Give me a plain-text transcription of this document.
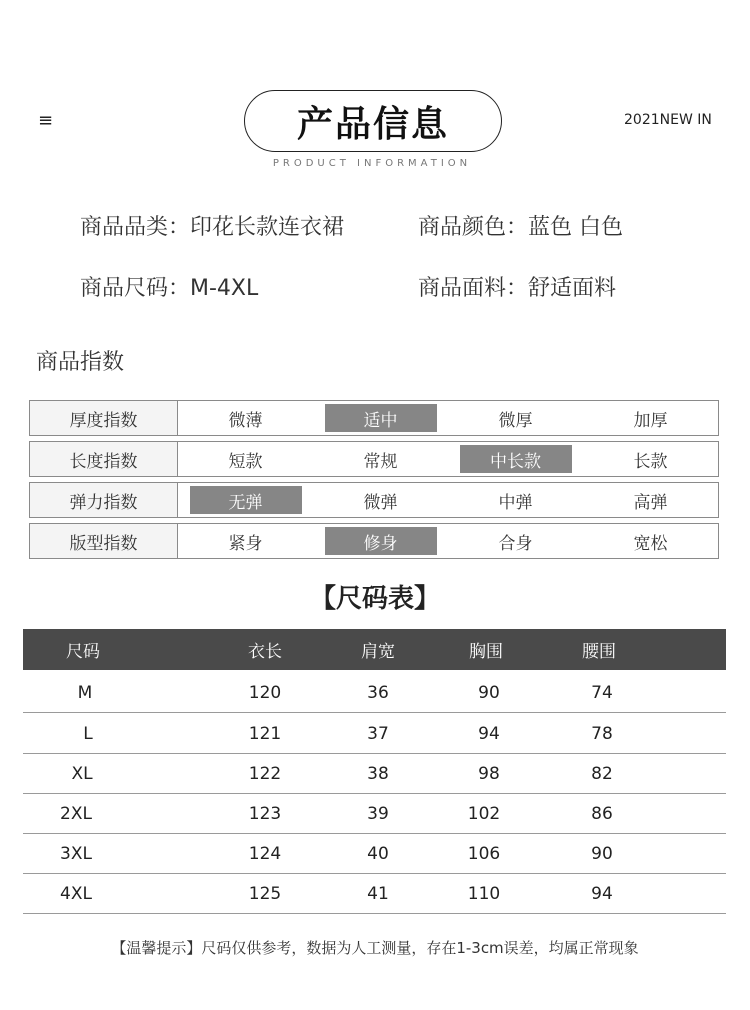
≡	产品信息
PRODUCT INFORMATION
2021NEW IN
商品品类：印花长款连衣裙	商品颜色：蓝色 白色
商品尺码：M-4XL	商品面料：舒适面料
商品指数
厚度指数	微薄	适中	微厚	加厚
长度指数	短款	常规	中长款	长款
弹力指数	无弹	微弹	中弹	高弹
版型指数	紧身	修身	合身	宽松
【尺码表】
尺码	衣长	肩宽	胸围	腰围
M	120	36	90	74
L	121	37	94	78
XL	122	38	98	82
2XL	123	39	102	86
3XL	124	40	106	90
4XL	125	41	110	94
【温馨提示】尺码仅供参考，数据为人工测量，存在1-3cm误差，均属正常现象
